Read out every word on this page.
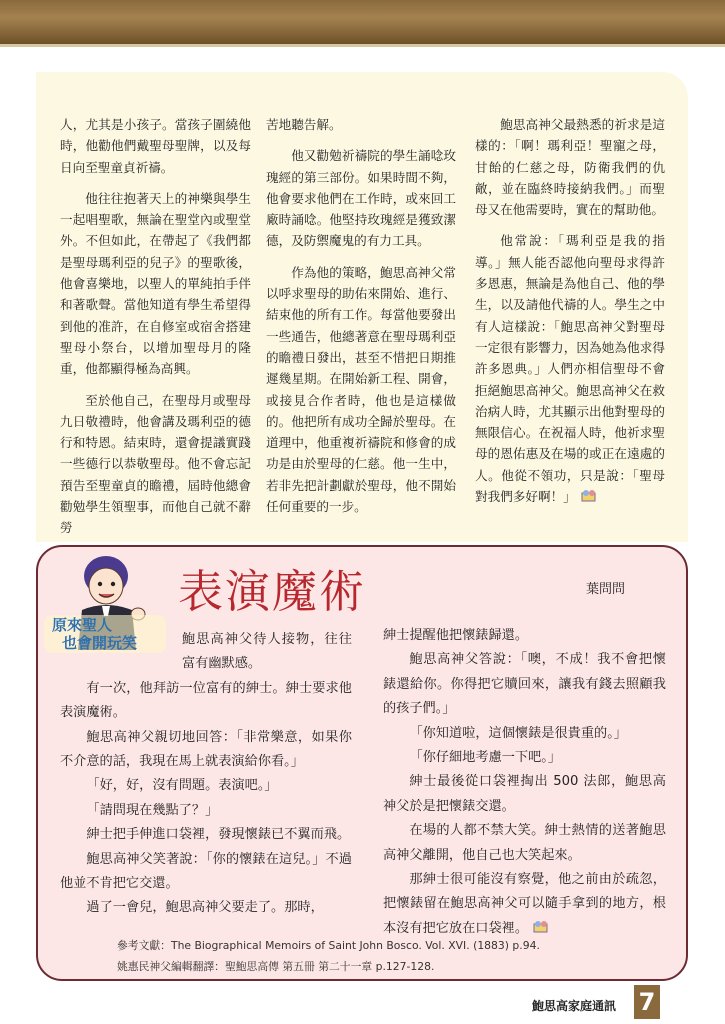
人，尤其是小孩子。當孩子圍繞他時，他勸他們戴聖母聖牌，以及每日向至聖童貞祈禱。

他往往抱著天上的神樂與學生一起唱聖歌，無論在聖堂內或聖堂外。不但如此，在帶起了《我們都是聖母瑪利亞的兒子》的聖歌後，他會喜樂地，以聖人的單純拍手伴和著歌聲。當他知道有學生希望得到他的准許，在自修室或宿舍搭建聖母小祭台，以增加聖母月的隆重，他都顯得極為高興。

至於他自己，在聖母月或聖母九日敬禮時，他會講及瑪利亞的德行和特恩。結束時，還會提議實踐一些德行以恭敬聖母。他不會忘記預告至聖童貞的瞻禮，屆時他總會勸勉學生領聖事，而他自己就不辭勞

苦地聽告解。

他又勸勉祈禱院的學生誦唸玫瑰經的第三部份。如果時間不夠，他會要求他們在工作時，或來回工廠時誦唸。他堅持玫瑰經是獲致潔德，及防禦魔鬼的有力工具。

作為他的策略，鮑思高神父常以呼求聖母的助佑來開始、進行、結束他的所有工作。每當他要發出一些通告，他總著意在聖母瑪利亞的瞻禮日發出，甚至不惜把日期推遲幾星期。在開始新工程、開會，或接見合作者時，他也是這樣做的。他把所有成功全歸於聖母。在道理中，他重複祈禱院和修會的成功是由於聖母的仁慈。他一生中，若非先把計劃獻於聖母，他不開始任何重要的一步。

鮑思高神父最熱悉的祈求是這樣的：「啊！瑪利亞！聖寵之母，甘飴的仁慈之母，防衛我們的仇敵，並在臨終時接納我們。」而聖母又在他需要時，實在的幫助他。

他常說：「瑪利亞是我的指導。」無人能否認他向聖母求得許多恩惠，無論是為他自己、他的學生，以及請他代禱的人。學生之中有人這樣說：「鮑思高神父對聖母一定很有影響力，因為她為他求得許多恩典。」人們亦相信聖母不會拒絕鮑思高神父。鮑思高神父在救治病人時，尤其顯示出他對聖母的無限信心。在祝福人時，他祈求聖母的恩佑惠及在場的或正在遠處的人。他從不領功，只是說：「聖母對我們多好啊！」

原來聖人
也會開玩笑
表演魔術	葉問問

鮑思高神父待人接物，往往富有幽默感。

有一次，他拜訪一位富有的紳士。紳士要求他表演魔術。

鮑思高神父親切地回答：「非常樂意，如果你不介意的話，我現在馬上就表演給你看。」

「好，好，沒有問題。表演吧。」

「請問現在幾點了？」

紳士把手伸進口袋裡，發現懷錶已不翼而飛。

鮑思高神父笑著說：「你的懷錶在這兒。」不過他並不肯把它交還。

過了一會兒，鮑思高神父要走了。那時，

紳士提醒他把懷錶歸還。

鮑思高神父答說：「噢，不成！我不會把懷錶還給你。你得把它贖回來，讓我有錢去照顧我的孩子們。」

「你知道啦，這個懷錶是很貴重的。」

「你仔細地考慮一下吧。」

紳士最後從口袋裡掏出 500 法郎，鮑思高神父於是把懷錶交還。

在場的人都不禁大笑。紳士熱情的送著鮑思高神父離開，他自己也大笑起來。

那紳士很可能沒有察覺，他之前由於疏忽，把懷錶留在鮑思高神父可以隨手拿到的地方，根本沒有把它放在口袋裡。

參考文獻：The Biographical Memoirs of Saint John Bosco. Vol. XVI. (1883) p.94.
姚惠民神父編輯翻譯：聖鮑思高傳 第五冊 第二十一章 p.127-128.
鮑思高家庭通訊 7
